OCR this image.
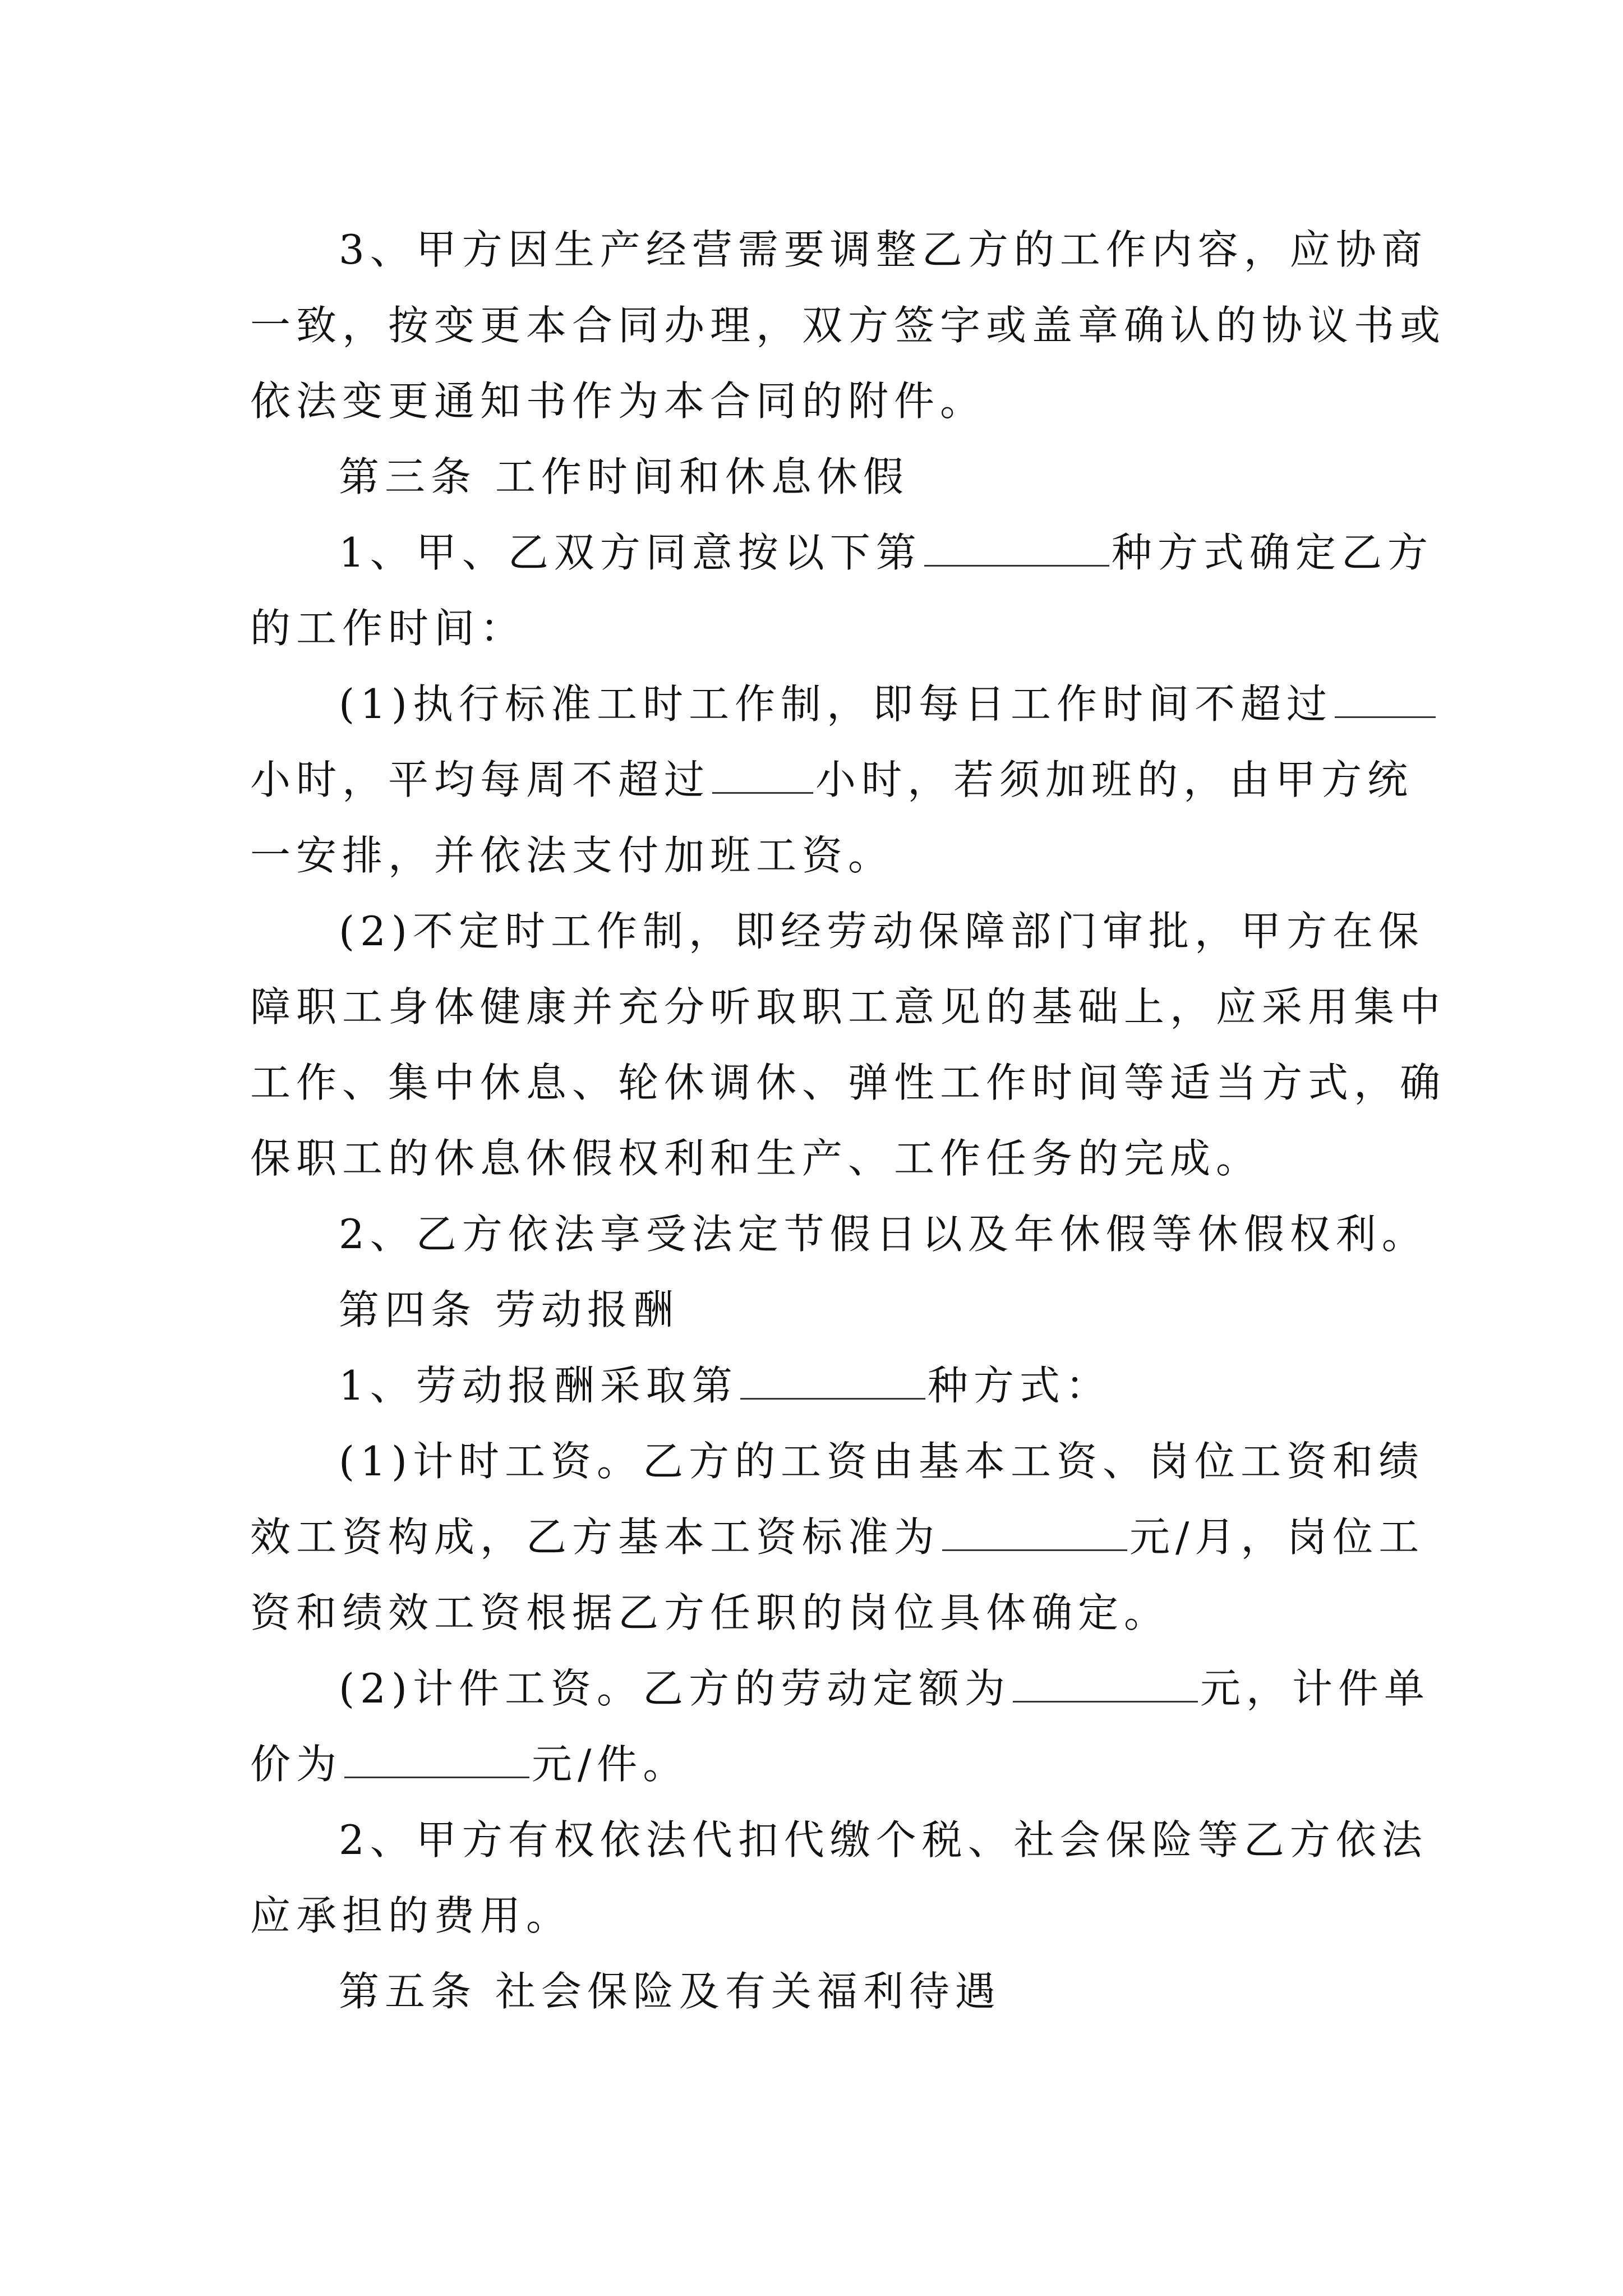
3、甲方因生产经营需要调整乙方的工作内容，应协商
一致，按变更本合同办理，双方签字或盖章确认的协议书或
依法变更通知书作为本合同的附件。
第三条 工作时间和休息休假
1、甲、乙双方同意按以下第	种方式确定乙方
的工作时间：
(1)执行标准工时工作制，即每日工作时间不超过
小时，平均每周不超过	小时，若须加班的，由甲方统
一安排，并依法支付加班工资。
(2)不定时工作制，即经劳动保障部门审批，甲方在保
障职工身体健康并充分听取职工意见的基础上，应采用集中
工作、集中休息、轮休调休、弹性工作时间等适当方式，确
保职工的休息休假权利和生产、工作任务的完成。
2、乙方依法享受法定节假日以及年休假等休假权利。
第四条 劳动报酬
1、劳动报酬采取第	种方式：
(1)计时工资。乙方的工资由基本工资、岗位工资和绩
效工资构成，乙方基本工资标准为	元/月，岗位工
资和绩效工资根据乙方任职的岗位具体确定。
(2)计件工资。乙方的劳动定额为	元，计件单
价为	元/件。
2、甲方有权依法代扣代缴个税、社会保险等乙方依法
应承担的费用。
第五条 社会保险及有关福利待遇
